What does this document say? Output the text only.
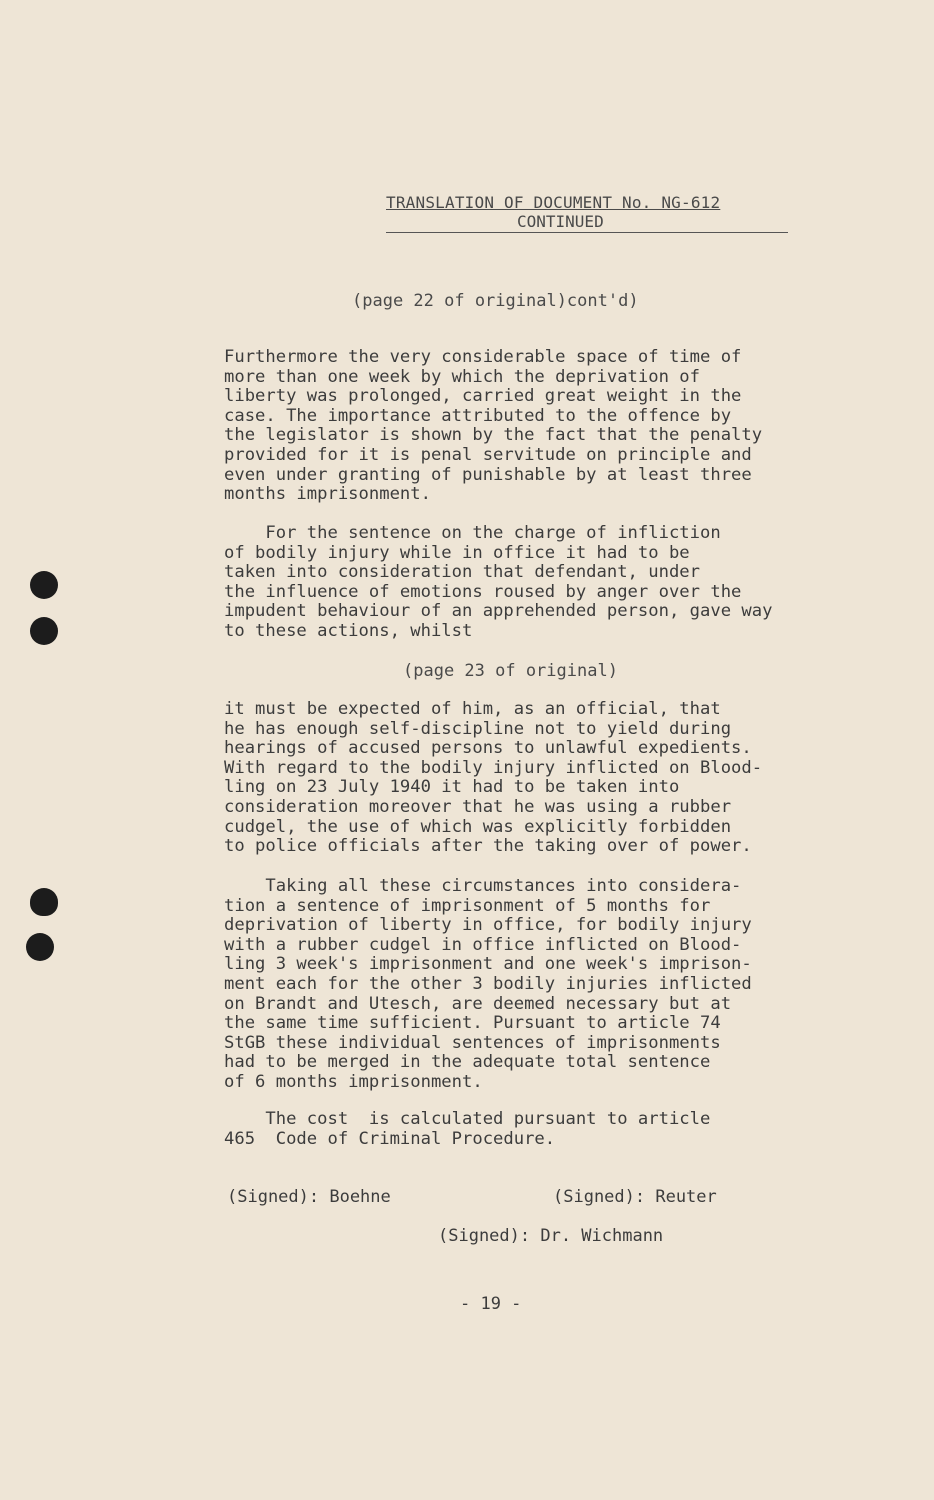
TRANSLATION OF DOCUMENT No. NG-612
CONTINUED
(page 22 of original)cont'd)
Furthermore the very considerable space of time of
more than one week by which the deprivation of
liberty was prolonged, carried great weight in the
case. The importance attributed to the offence by
the legislator is shown by the fact that the penalty
provided for it is penal servitude on principle and
even under granting of punishable by at least three
months imprisonment.
For the sentence on the charge of infliction
of bodily injury while in office it had to be
taken into consideration that defendant, under
the influence of emotions roused by anger over the
impudent behaviour of an apprehended person, gave way
to these actions, whilst
(page 23 of original)
it must be expected of him, as an official, that
he has enough self-discipline not to yield during
hearings of accused persons to unlawful expedients.
With regard to the bodily injury inflicted on Blood-
ling on 23 July 1940 it had to be taken into
consideration moreover that he was using a rubber
cudgel, the use of which was explicitly forbidden
to police officials after the taking over of power.
Taking all these circumstances into considera-
tion a sentence of imprisonment of 5 months for
deprivation of liberty in office, for bodily injury
with a rubber cudgel in office inflicted on Blood-
ling 3 week's imprisonment and one week's imprison-
ment each for the other 3 bodily injuries inflicted
on Brandt and Utesch, are deemed necessary but at
the same time sufficient. Pursuant to article 74
StGB these individual sentences of imprisonments
had to be merged in the adequate total sentence
of 6 months imprisonment.
The cost  is calculated pursuant to article
465  Code of Criminal Procedure.
(Signed): Boehne	(Signed): Reuter
(Signed): Dr. Wichmann
- 19 -
